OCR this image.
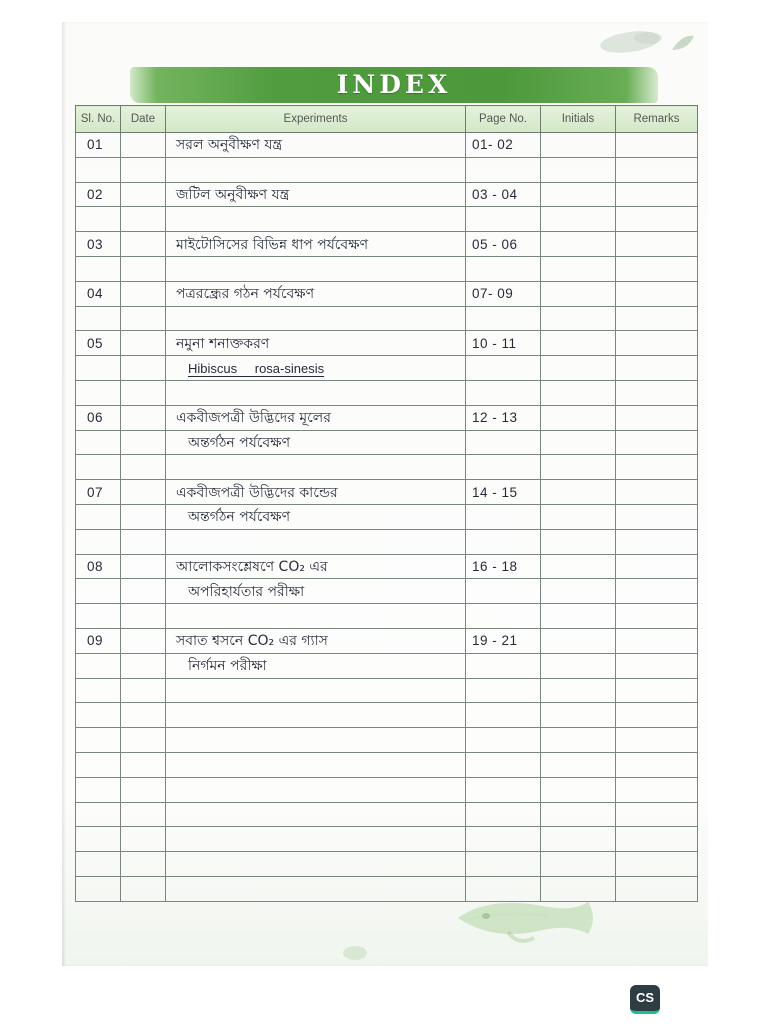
INDEX
Sl. No.	Date	Experiments	Page No.	Initials	Remarks
01		সরল অনুবীক্ষণ যন্ত্র	01- 02		

02		জটিল অনুবীক্ষণ যন্ত্র	03 - 04		

03		মাইটোসিসের বিভিন্ন ধাপ পর্যবেক্ষণ	05 - 06		

04		পত্ররন্ধ্রের গঠন পর্যবেক্ষণ	07- 09		

05		নমুনা শনাক্তকরণ	10 - 11		
		Hibiscus rosa-sinesis			

06		একবীজপত্রী উদ্ভিদের মূলের	12 - 13		
		অন্তর্গঠন পর্যবেক্ষণ			

07		একবীজপত্রী উদ্ভিদের কান্ডের	14 - 15		
		অন্তর্গঠন পর্যবেক্ষণ			

08		আলোকসংশ্লেষণে CO₂ এর	16 - 18		
		অপরিহার্যতার পরীক্ষা			

09		সবাত শ্বসনে CO₂ এর গ্যাস	19 - 21		
		নির্গমন পরীক্ষা			

CS
